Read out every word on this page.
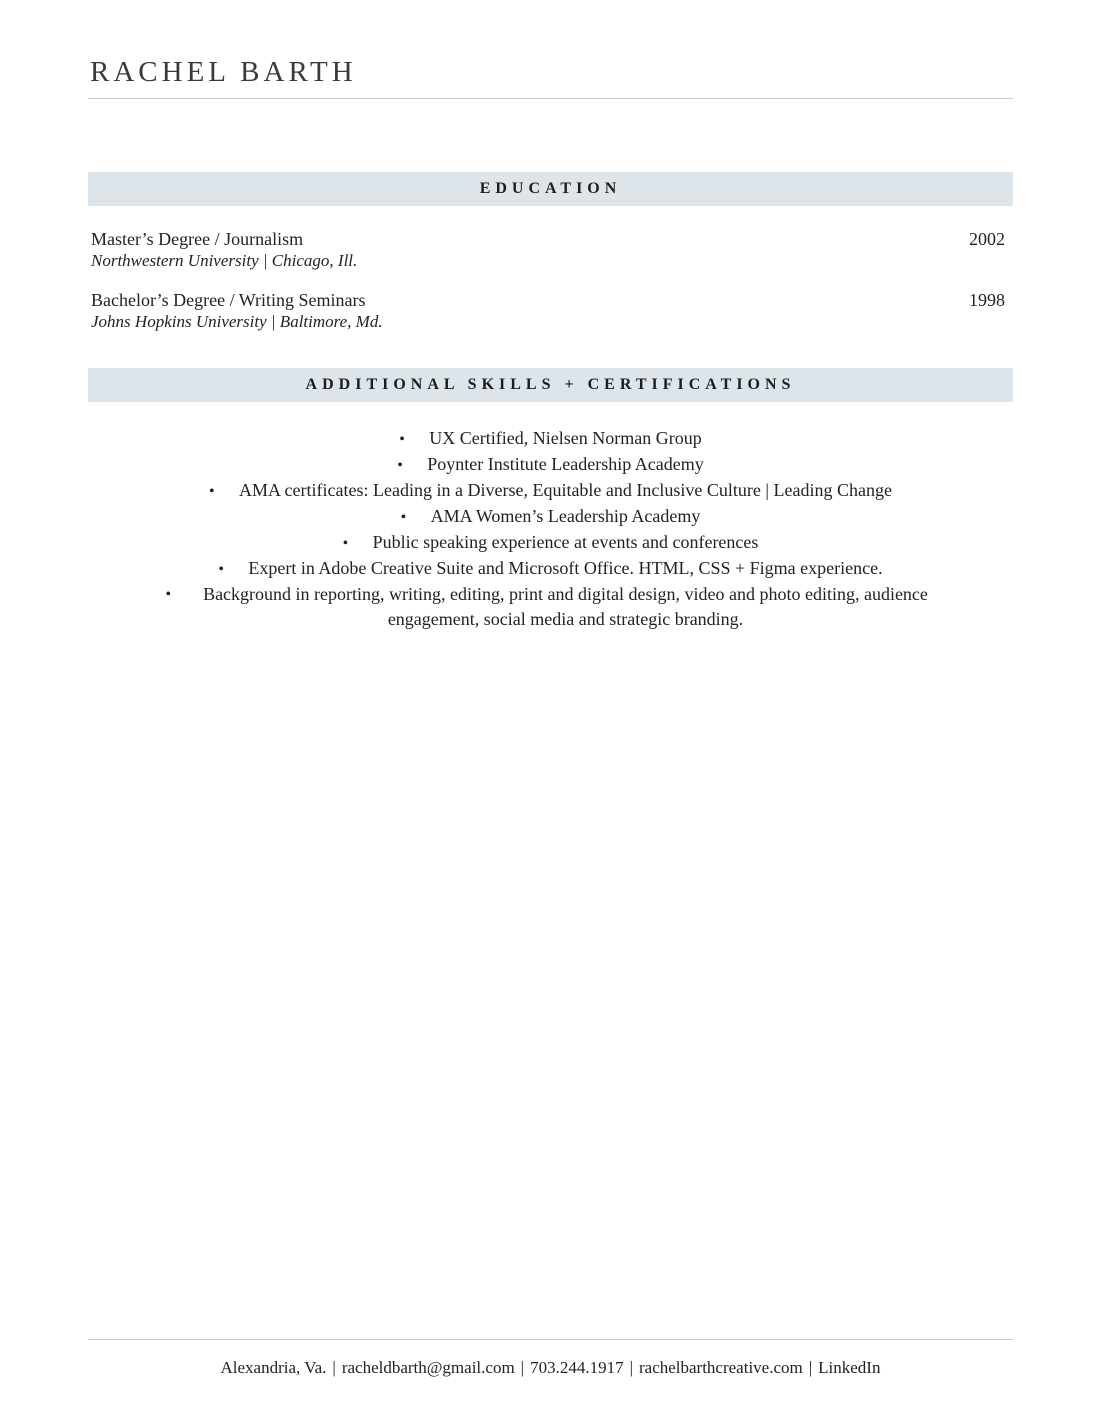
RACHEL BARTH
EDUCATION
Master’s Degree / Journalism
Northwestern University | Chicago, Ill.
2002
Bachelor’s Degree / Writing Seminars
Johns Hopkins University | Baltimore, Md.
1998
ADDITIONAL SKILLS + CERTIFICATIONS
• UX Certified, Nielsen Norman Group
• Poynter Institute Leadership Academy
• AMA certificates: Leading in a Diverse, Equitable and Inclusive Culture | Leading Change
• AMA Women’s Leadership Academy
• Public speaking experience at events and conferences
• Expert in Adobe Creative Suite and Microsoft Office. HTML, CSS + Figma experience.
• Background in reporting, writing, editing, print and digital design, video and photo editing, audience engagement, social media and strategic branding.
Alexandria, Va. | racheldbarth@gmail.com | 703.244.1917 | rachelbarthcreative.com | LinkedIn
